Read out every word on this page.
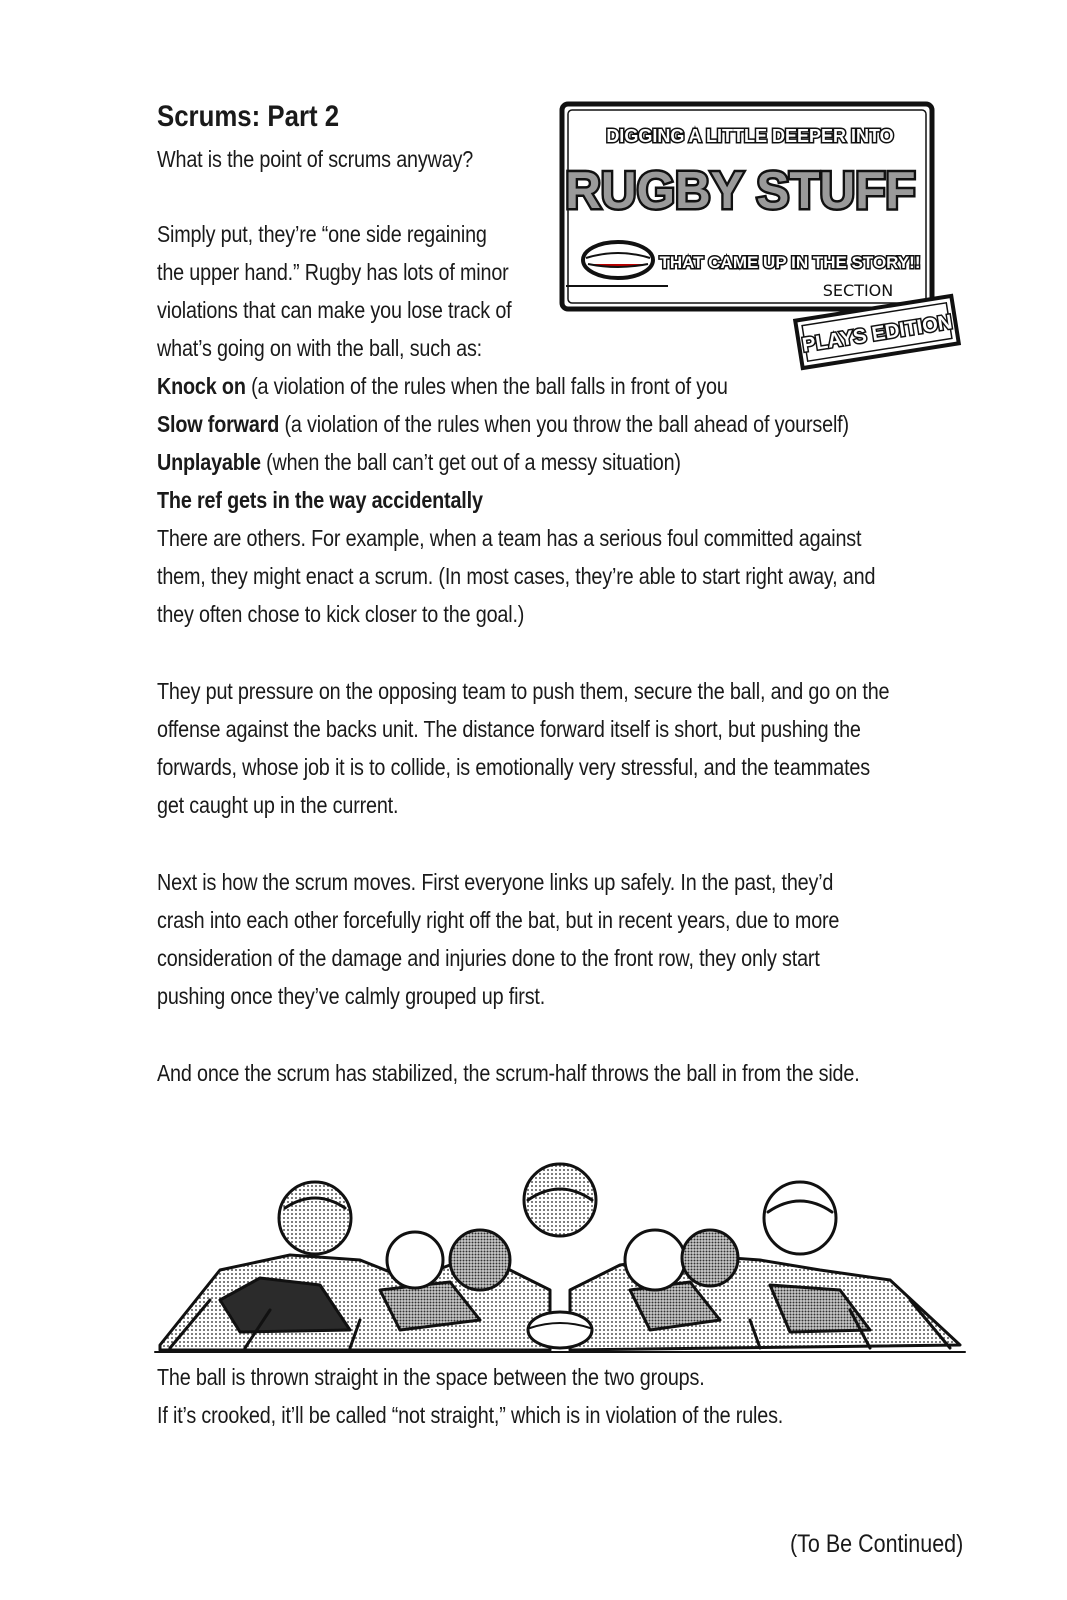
Scrums: Part 2
What is the point of scrums anyway?
DIGGING A LITTLE DEEPER INTO
RUGBY STUFF
THAT CAME UP IN THE STORY!!
SECTION
PLAYS EDITION
Simply put, they’re “one side regaining
the upper hand.” Rugby has lots of minor
violations that can make you lose track of
what’s going on with the ball, such as:
Knock on (a violation of the rules when the ball falls in front of you
Slow forward (a violation of the rules when you throw the ball ahead of yourself)
Unplayable (when the ball can’t get out of a messy situation)
The ref gets in the way accidentally
There are others. For example, when a team has a serious foul committed against
them, they might enact a scrum. (In most cases, they’re able to start right away, and
they often chose to kick closer to the goal.)
They put pressure on the opposing team to push them, secure the ball, and go on the
offense against the backs unit. The distance forward itself is short, but pushing the
forwards, whose job it is to collide, is emotionally very stressful, and the teammates
get caught up in the current.
Next is how the scrum moves. First everyone links up safely. In the past, they’d
crash into each other forcefully right off the bat, but in recent years, due to more
consideration of the damage and injuries done to the front row, they only start
pushing once they’ve calmly grouped up first.
And once the scrum has stabilized, the scrum-half throws the ball in from the side.
The ball is thrown straight in the space between the two groups.
If it’s crooked, it’ll be called “not straight,” which is in violation of the rules.
(To Be Continued)
